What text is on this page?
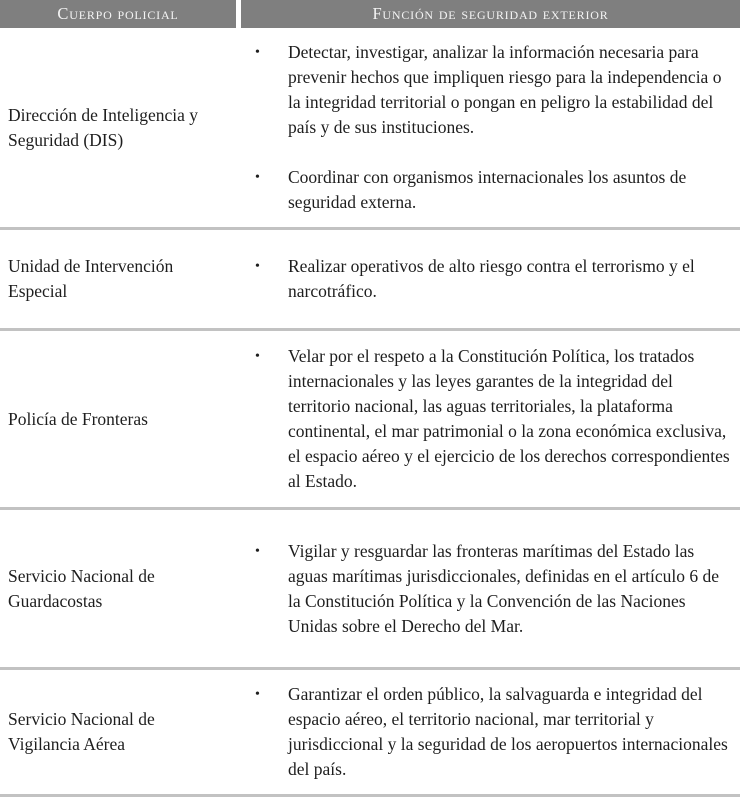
Cuerpo policial	Función de seguridad exterior
Dirección de Inteligencia y Seguridad (DIS)
•	Detectar, investigar, analizar la información necesaria para prevenir hechos que impliquen riesgo para la independencia o la integridad territorial o pongan en peligro la estabilidad del país y de sus instituciones.
•	Coordinar con organismos internacionales los asuntos de seguridad externa.
Unidad de Intervención Especial
•	Realizar operativos de alto riesgo contra el terrorismo y el narcotráfico.
Policía de Fronteras
•	Velar por el respeto a la Constitución Política, los tratados internacionales y las leyes garantes de la integridad del territorio nacional, las aguas territoriales, la plataforma continental, el mar patrimonial o la zona económica exclusiva, el espacio aéreo y el ejercicio de los derechos correspondientes al Estado.
Servicio Nacional de Guardacostas
•	Vigilar y resguardar las fronteras marítimas del Estado las aguas marítimas jurisdiccionales, definidas en el artículo 6 de la Constitución Política y la Convención de las Naciones Unidas sobre el Derecho del Mar.
Servicio Nacional de Vigilancia Aérea
•	Garantizar el orden público, la salvaguarda e integridad del espacio aéreo, el territorio nacional, mar territorial y jurisdiccional y la seguridad de los aeropuertos internacionales del país.
